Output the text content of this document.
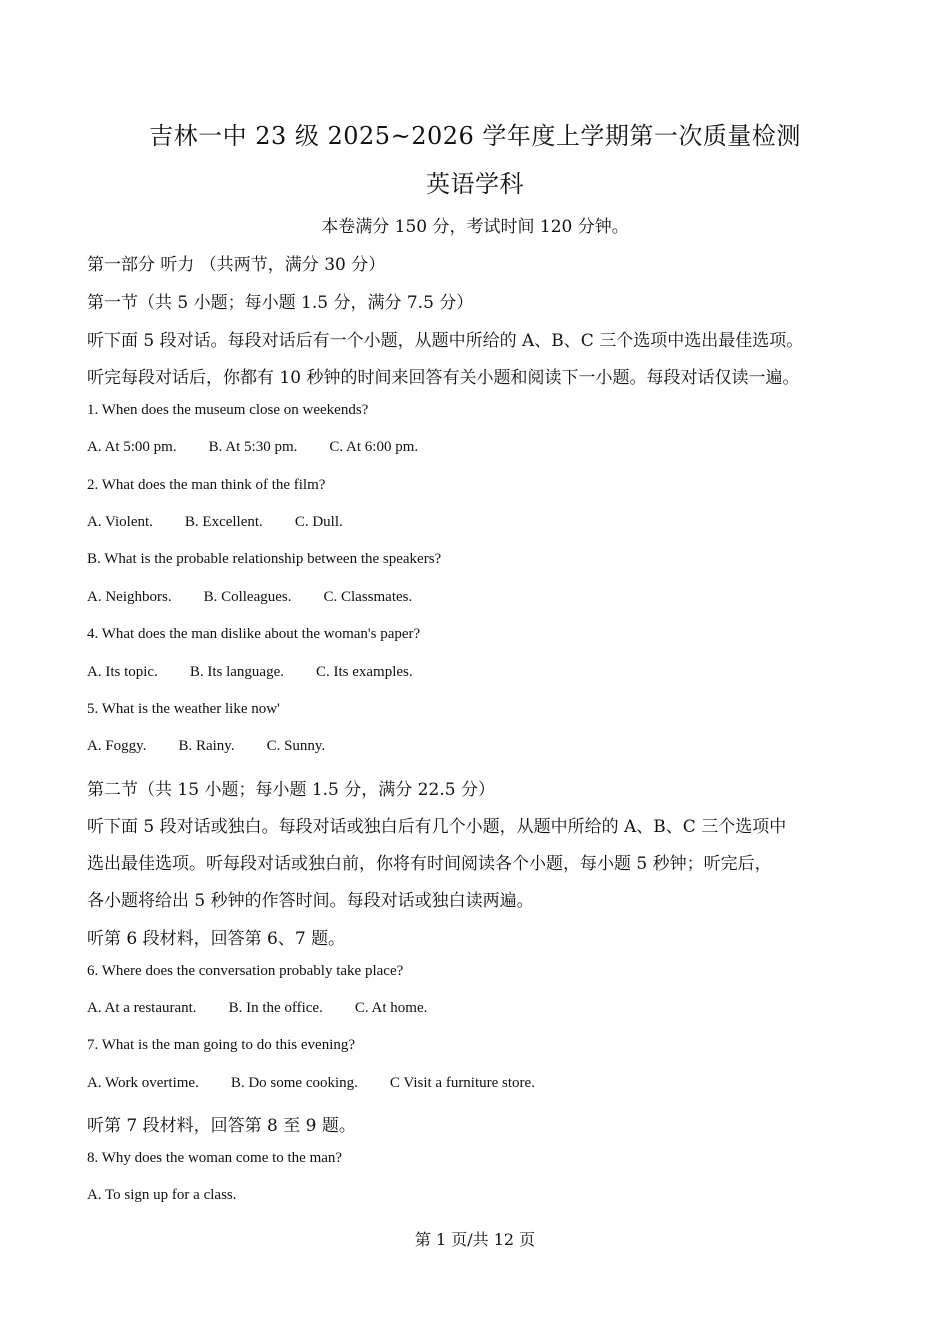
吉林一中 23 级 2025~2026 学年度上学期第一次质量检测
英语学科
本卷满分 150 分，考试时间 120 分钟。
第一部分 听力 （共两节，满分 30 分）
第一节（共 5 小题；每小题 1.5 分，满分 7.5 分）
听下面 5 段对话。每段对话后有一个小题，从题中所给的 A、B、C 三个选项中选出最佳选项。
听完每段对话后，你都有 10 秒钟的时间来回答有关小题和阅读下一小题。每段对话仅读一遍。
1. When does the museum close on weekends?
A. At 5:00 pm. B. At 5:30 pm. C. At 6:00 pm.
2. What does the man think of the film?
A. Violent. B. Excellent. C. Dull.
B. What is the probable relationship between the speakers?
A. Neighbors. B. Colleagues. C. Classmates.
4. What does the man dislike about the woman's paper?
A. Its topic. B. Its language. C. Its examples.
5. What is the weather like now'
A. Foggy. B. Rainy. C. Sunny.
第二节（共 15 小题；每小题 1.5 分，满分 22.5 分）
听下面 5 段对话或独白。每段对话或独白后有几个小题，从题中所给的 A、B、C 三个选项中
选出最佳选项。听每段对话或独白前，你将有时间阅读各个小题，每小题 5 秒钟；听完后，
各小题将给出 5 秒钟的作答时间。每段对话或独白读两遍。
听第 6 段材料，回答第 6、7 题。
6. Where does the conversation probably take place?
A. At a restaurant. B. In the office. C. At home.
7. What is the man going to do this evening?
A. Work overtime. B. Do some cooking. C Visit a furniture store.
听第 7 段材料，回答第 8 至 9 题。
8. Why does the woman come to the man?
A. To sign up for a class.
第 1 页/共 12 页
